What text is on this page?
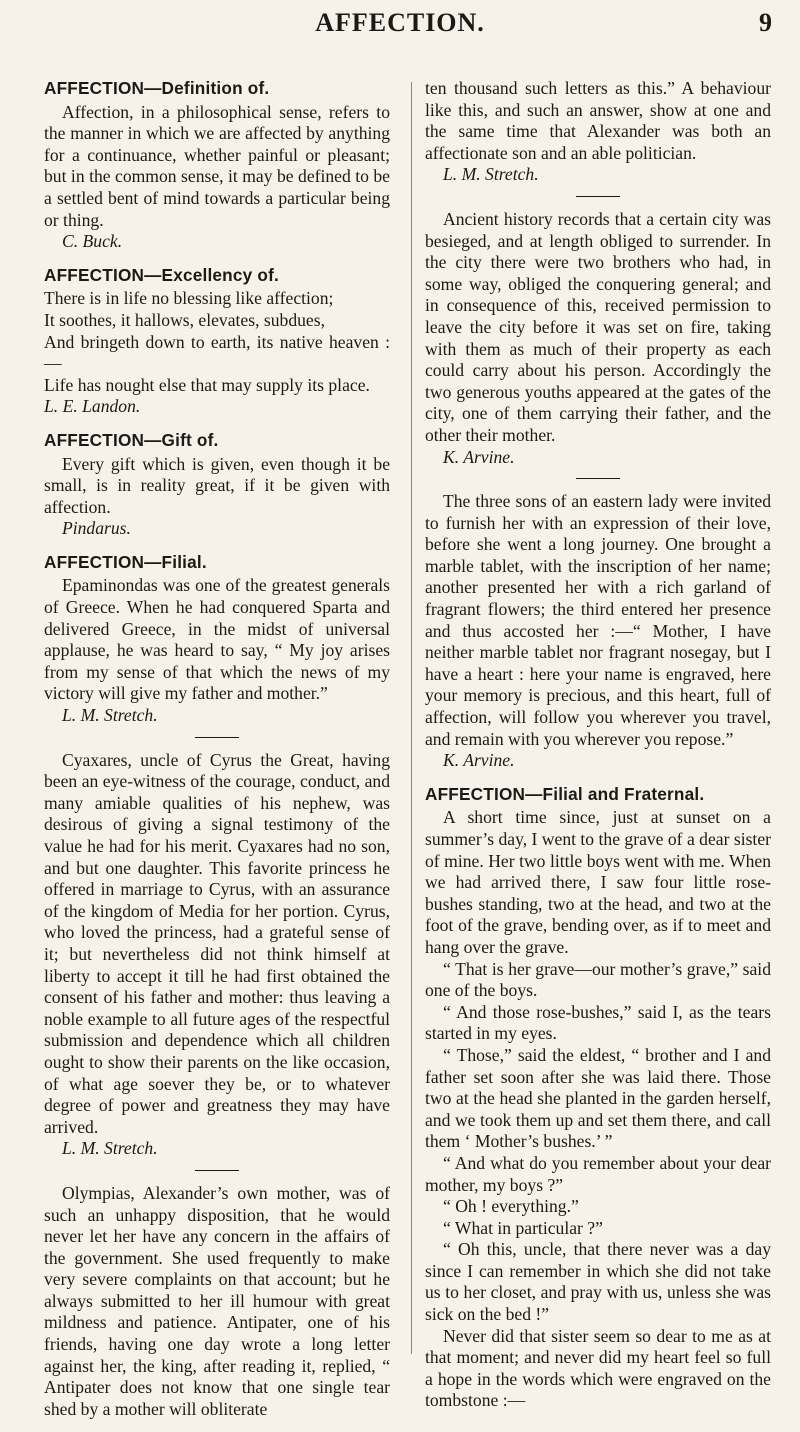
AFFECTION.	9
AFFECTION—Definition of.

Affection, in a philosophical sense, refers to the manner in which we are affected by anything for a continuance, whether painful or pleasant; but in the common sense, it may be defined to be a settled bent of mind towards a particular being or thing.

C. Buck.

AFFECTION—Excellency of.

There is in life no blessing like affection;

It soothes, it hallows, elevates, subdues,

And bringeth down to earth, its native heaven :—

Life has nought else that may supply its place.

L. E. Landon.

AFFECTION—Gift of.

Every gift which is given, even though it be small, is in reality great, if it be given with affection.

Pindarus.

AFFECTION—Filial.

Epaminondas was one of the greatest generals of Greece. When he had conquered Sparta and delivered Greece, in the midst of universal applause, he was heard to say, “ My joy arises from my sense of that which the news of my victory will give my father and mother.”

L. M. Stretch.

Cyaxares, uncle of Cyrus the Great, having been an eye-witness of the courage, conduct, and many amiable qualities of his nephew, was desirous of giving a signal testimony of the value he had for his merit. Cyaxares had no son, and but one daughter. This favorite princess he offered in marriage to Cyrus, with an assurance of the kingdom of Media for her portion. Cyrus, who loved the princess, had a grateful sense of it; but nevertheless did not think himself at liberty to accept it till he had first obtained the consent of his father and mother: thus leaving a noble example to all future ages of the respectful submission and dependence which all children ought to show their parents on the like occasion, of what age soever they be, or to whatever degree of power and greatness they may have arrived.

L. M. Stretch.

Olympias, Alexander’s own mother, was of such an unhappy disposition, that he would never let her have any concern in the affairs of the government. She used frequently to make very severe complaints on that account; but he always submitted to her ill humour with great mildness and patience. Antipater, one of his friends, having one day wrote a long letter against her, the king, after reading it, replied, “ Antipater does not know that one single tear shed by a mother will obliterate

ten thousand such letters as this.” A behaviour like this, and such an answer, show at one and the same time that Alexander was both an affectionate son and an able politician.

L. M. Stretch.

Ancient history records that a certain city was besieged, and at length obliged to surrender. In the city there were two brothers who had, in some way, obliged the conquering general; and in consequence of this, received permission to leave the city before it was set on fire, taking with them as much of their property as each could carry about his person. Accordingly the two generous youths appeared at the gates of the city, one of them carrying their father, and the other their mother.

K. Arvine.

The three sons of an eastern lady were invited to furnish her with an expression of their love, before she went a long journey. One brought a marble tablet, with the inscription of her name; another presented her with a rich garland of fragrant flowers; the third entered her presence and thus accosted her :—“ Mother, I have neither marble tablet nor fragrant nosegay, but I have a heart : here your name is engraved, here your memory is precious, and this heart, full of affection, will follow you wherever you travel, and remain with you wherever you repose.”

K. Arvine.

AFFECTION—Filial and Fraternal.

A short time since, just at sunset on a summer’s day, I went to the grave of a dear sister of mine. Her two little boys went with me. When we had arrived there, I saw four little rose-bushes standing, two at the head, and two at the foot of the grave, bending over, as if to meet and hang over the grave.

“ That is her grave—our mother’s grave,” said one of the boys.

“ And those rose-bushes,” said I, as the tears started in my eyes.

“ Those,” said the eldest, “ brother and I and father set soon after she was laid there. Those two at the head she planted in the garden herself, and we took them up and set them there, and call them ‘ Mother’s bushes.’ ”

“ And what do you remember about your dear mother, my boys ?”

“ Oh ! everything.”

“ What in particular ?”

“ Oh this, uncle, that there never was a day since I can remember in which she did not take us to her closet, and pray with us, unless she was sick on the bed !”

Never did that sister seem so dear to me as at that moment; and never did my heart feel so full a hope in the words which were engraved on the tombstone :—
